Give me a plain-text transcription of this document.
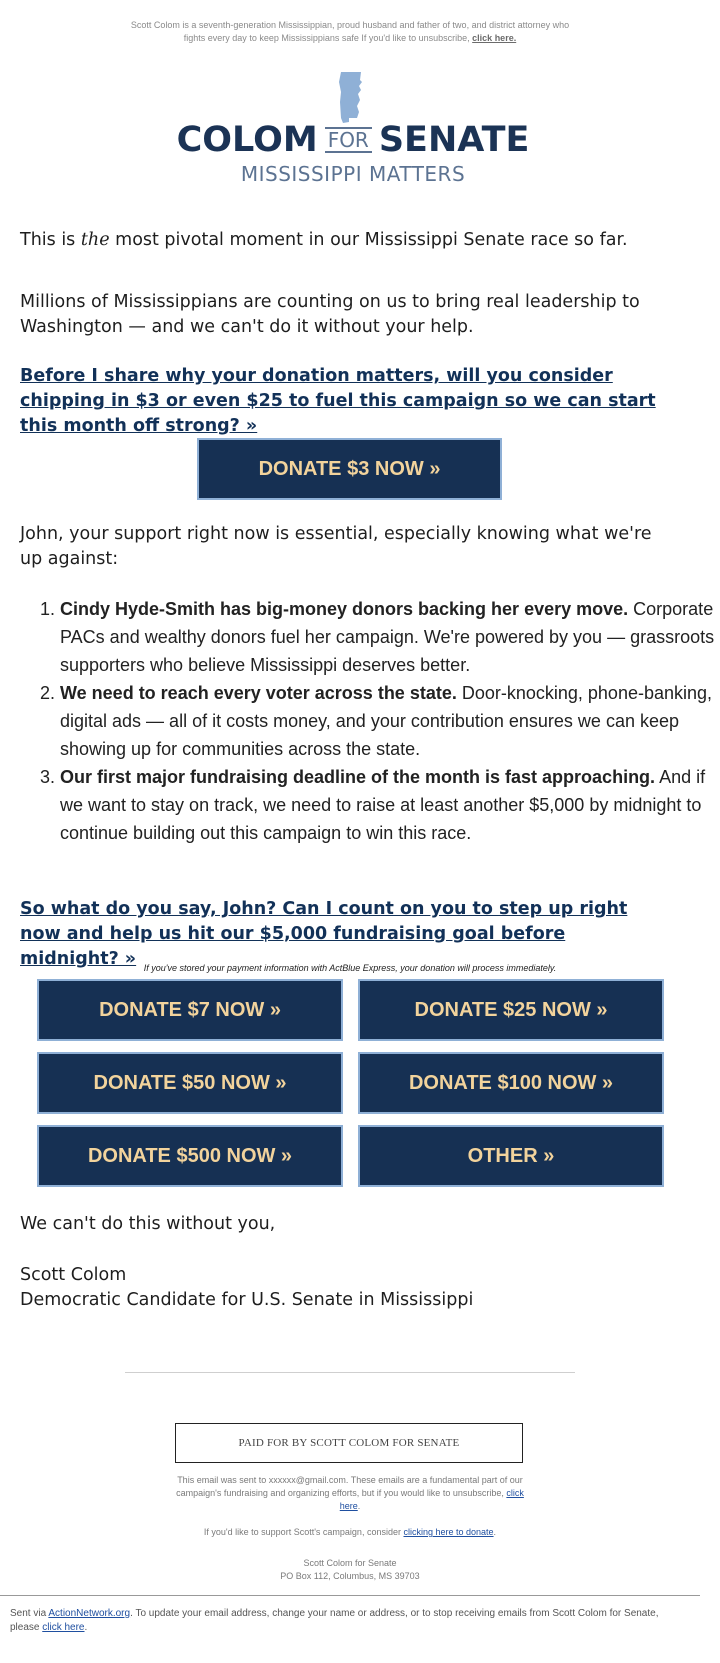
Scott Colom is a seventh-generation Mississippian, proud husband and father of two, and district attorney who fights every day to keep Mississippians safe If you'd like to unsubscribe, click here.
COLOM FOR SENATE
MISSISSIPPI MATTERS
This is the most pivotal moment in our Mississippi Senate race so far.
Millions of Mississippians are counting on us to bring real leadership to Washington — and we can't do it without your help.
Before I share why your donation matters, will you consider chipping in $3 or even $25 to fuel this campaign so we can start this month off strong? »
DONATE $3 NOW »
John, your support right now is essential, especially knowing what we're up against:
1. Cindy Hyde-Smith has big-money donors backing her every move. Corporate PACs and wealthy donors fuel her campaign. We're powered by you — grassroots supporters who believe Mississippi deserves better.
2. We need to reach every voter across the state. Door-knocking, phone-banking, digital ads — all of it costs money, and your contribution ensures we can keep showing up for communities across the state.
3. Our first major fundraising deadline of the month is fast approaching. And if we want to stay on track, we need to raise at least another $5,000 by midnight to continue building out this campaign to win this race.
So what do you say, John? Can I count on you to step up right now and help us hit our $5,000 fundraising goal before midnight? » If you've stored your payment information with ActBlue Express, your donation will process immediately.
DONATE $7 NOW »	DONATE $25 NOW »
DONATE $50 NOW »	DONATE $100 NOW »
DONATE $500 NOW »	OTHER »
We can't do this without you,
Scott Colom
Democratic Candidate for U.S. Senate in Mississippi
PAID FOR BY SCOTT COLOM FOR SENATE
This email was sent to xxxxxx@gmail.com. These emails are a fundamental part of our campaign's fundraising and organizing efforts, but if you would like to unsubscribe, click here.
If you'd like to support Scott's campaign, consider clicking here to donate.
Scott Colom for Senate
PO Box 112, Columbus, MS 39703
Sent via ActionNetwork.org. To update your email address, change your name or address, or to stop receiving emails from Scott Colom for Senate, please click here.
